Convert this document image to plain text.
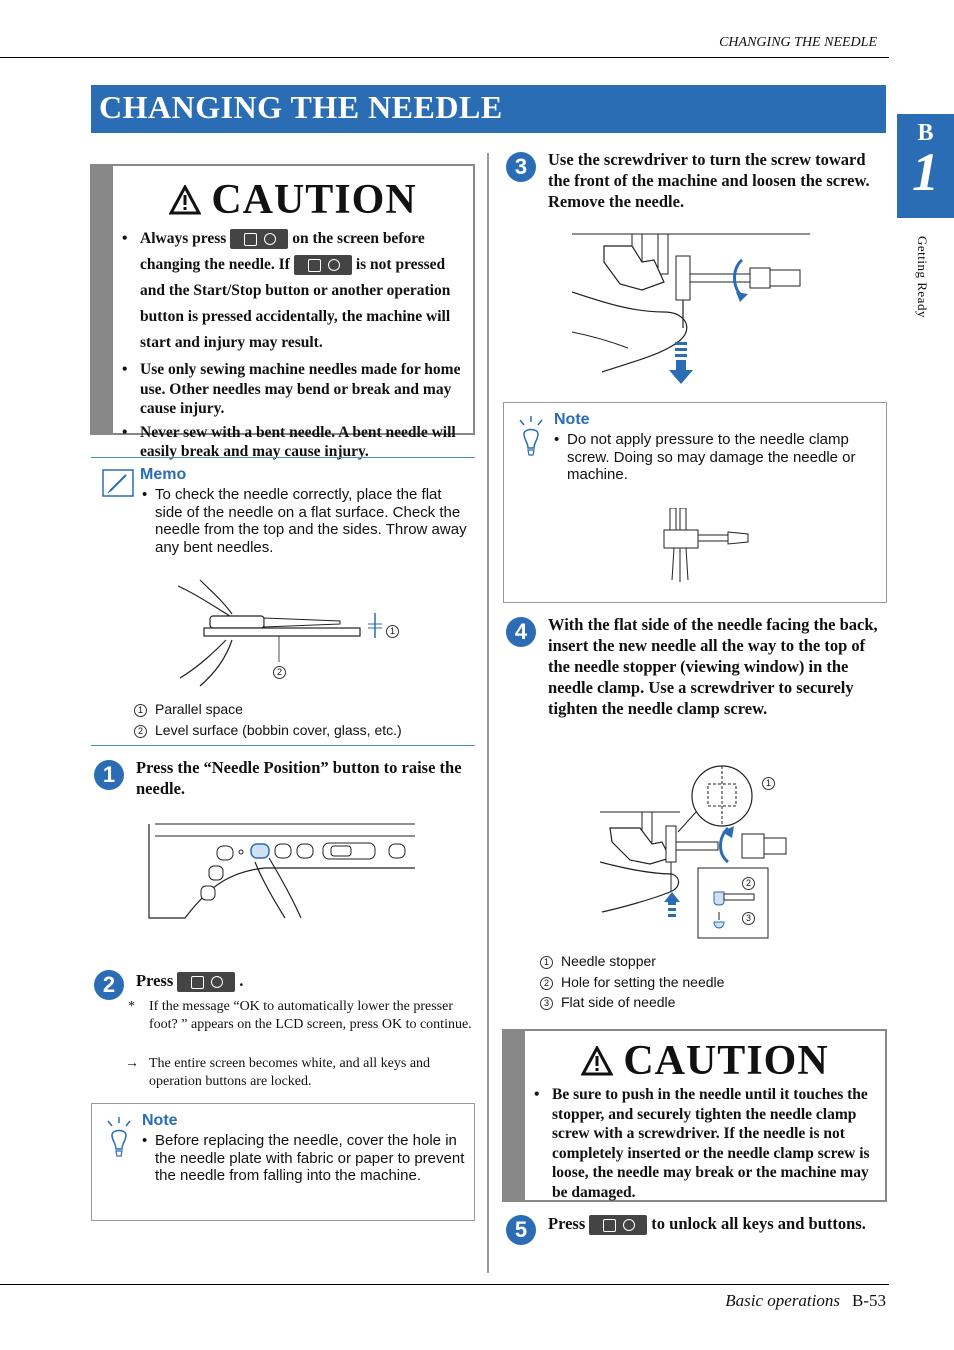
CHANGING THE NEEDLE
B
1
Getting Ready
CHANGING THE NEEDLE
CAUTION
• Always press	on the screen before changing the needle. If	is not pressed and the Start/Stop button or another operation button is pressed accidentally, the machine will start and injury may result.
• Use only sewing machine needles made for home use. Other needles may bend or break and may cause injury.
• Never sew with a bent needle. A bent needle will easily break and may cause injury.
Memo
• To check the needle correctly, place the flat side of the needle on a flat surface. Check the needle from the top and the sides. Throw away any bent needles.
1
2
1 Parallel space
2 Level surface (bobbin cover, glass, etc.)
1	Press the “Needle Position” button to raise the needle.
2	Press	.
* If the message “OK to automatically lower the presser foot? ” appears on the LCD screen, press OK to continue.
→ The entire screen becomes white, and all keys and operation buttons are locked.
Note
• Before replacing the needle, cover the hole in the needle plate with fabric or paper to prevent the needle from falling into the machine.
3	Use the screwdriver to turn the screw toward the front of the machine and loosen the screw. Remove the needle.
Note
• Do not apply pressure to the needle clamp screw. Doing so may damage the needle or machine.
4	With the flat side of the needle facing the back, insert the new needle all the way to the top of the needle stopper (viewing window) in the needle clamp. Use a screwdriver to securely tighten the needle clamp screw.
1
2
3
1 Needle stopper
2 Hole for setting the needle
3 Flat side of needle
CAUTION
• Be sure to push in the needle until it touches the stopper, and securely tighten the needle clamp screw with a screwdriver. If the needle is not completely inserted or the needle clamp screw is loose, the needle may break or the machine may be damaged.
5	Press	to unlock all keys and buttons.
Basic operations B-53
